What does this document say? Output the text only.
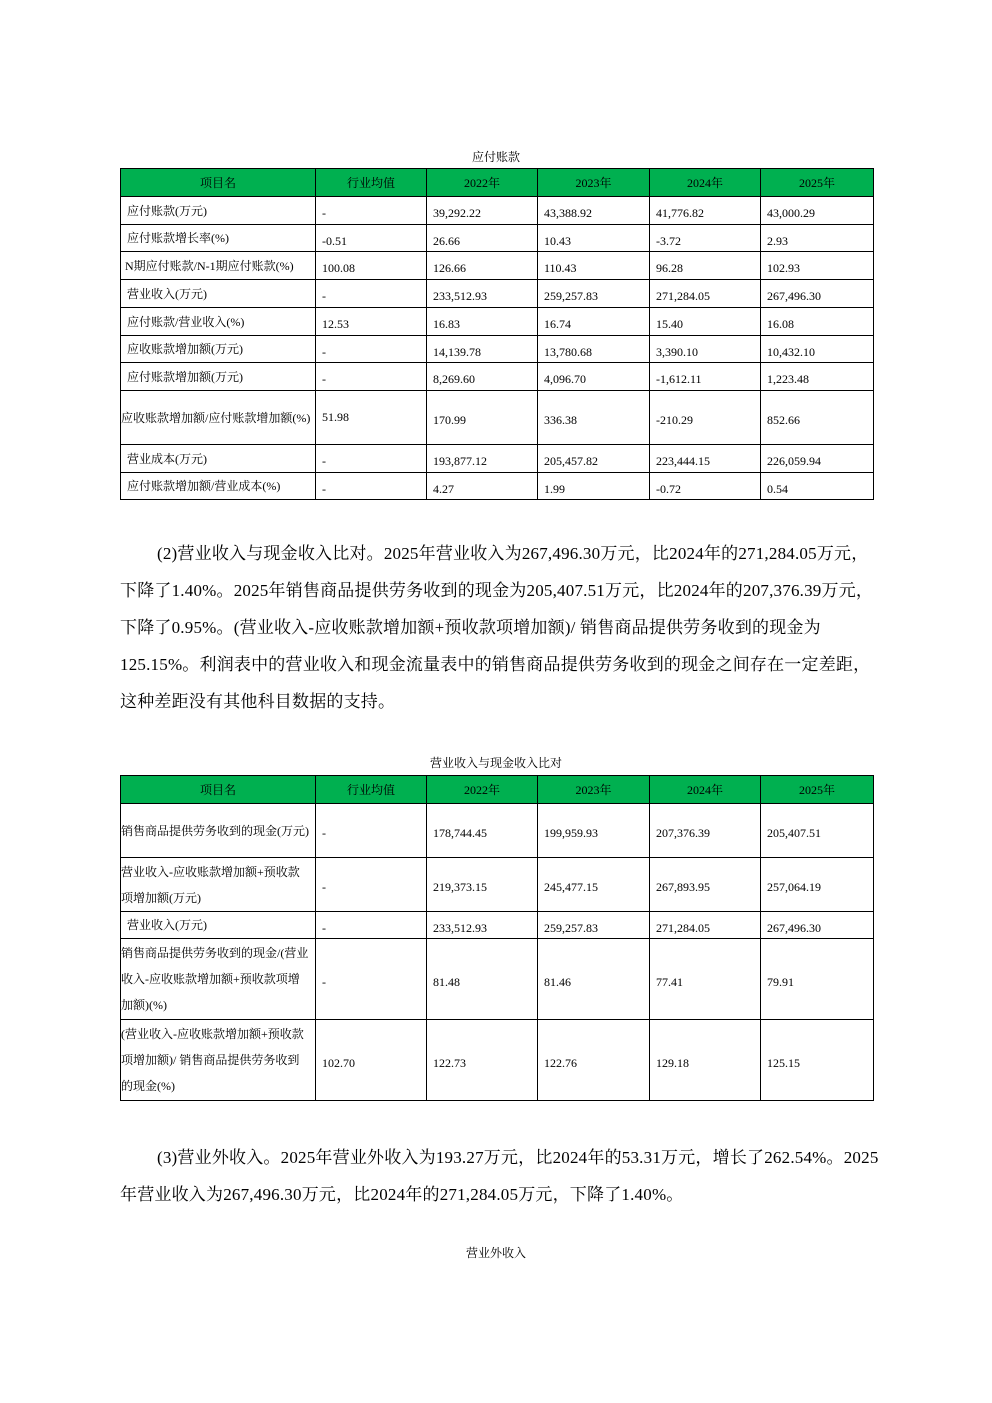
应付账款
项目名	行业均值	2022年	2023年	2024年	2025年
应付账款(万元)	-	39,292.22	43,388.92	41,776.82	43,000.29
应付账款增长率(%)	-0.51	26.66	10.43	-3.72	2.93
N期应付账款/N-1期应付账款(%)	100.08	126.66	110.43	96.28	102.93
营业收入(万元)	-	233,512.93	259,257.83	271,284.05	267,496.30
应付账款/营业收入(%)	12.53	16.83	16.74	15.40	16.08
应收账款增加额(万元)	-	14,139.78	13,780.68	3,390.10	10,432.10
应付账款增加额(万元)	-	8,269.60	4,096.70	-1,612.11	1,223.48
应收账款增加额/应付账款增加额(%)	51.98	170.99	336.38	-210.29	852.66
营业成本(万元)	-	193,877.12	205,457.82	223,444.15	226,059.94
应付账款增加额/营业成本(%)	-	4.27	1.99	-0.72	0.54
(2)营业收入与现金收入比对。2025年营业收入为267,496.30万元，比2024年的271,284.05万元，下降了1.40%。2025年销售商品提供劳务收到的现金为205,407.51万元，比2024年的207,376.39万元，下降了0.95%。(营业收入-应收账款增加额+预收款项增加额)/ 销售商品提供劳务收到的现金为125.15%。利润表中的营业收入和现金流量表中的销售商品提供劳务收到的现金之间存在一定差距，这种差距没有其他科目数据的支持。
营业收入与现金收入比对
项目名	行业均值	2022年	2023年	2024年	2025年
销售商品提供劳务收到的现金(万元)	-	178,744.45	199,959.93	207,376.39	205,407.51
营业收入-应收账款增加额+预收款项增加额(万元)	-	219,373.15	245,477.15	267,893.95	257,064.19
营业收入(万元)	-	233,512.93	259,257.83	271,284.05	267,496.30
销售商品提供劳务收到的现金/(营业收入-应收账款增加额+预收款项增加额)(%)	-	81.48	81.46	77.41	79.91
(营业收入-应收账款增加额+预收款项增加额)/ 销售商品提供劳务收到的现金(%)	102.70	122.73	122.76	129.18	125.15
(3)营业外收入。2025年营业外收入为193.27万元，比2024年的53.31万元，增长了262.54%。2025年营业收入为267,496.30万元，比2024年的271,284.05万元，下降了1.40%。
营业外收入
